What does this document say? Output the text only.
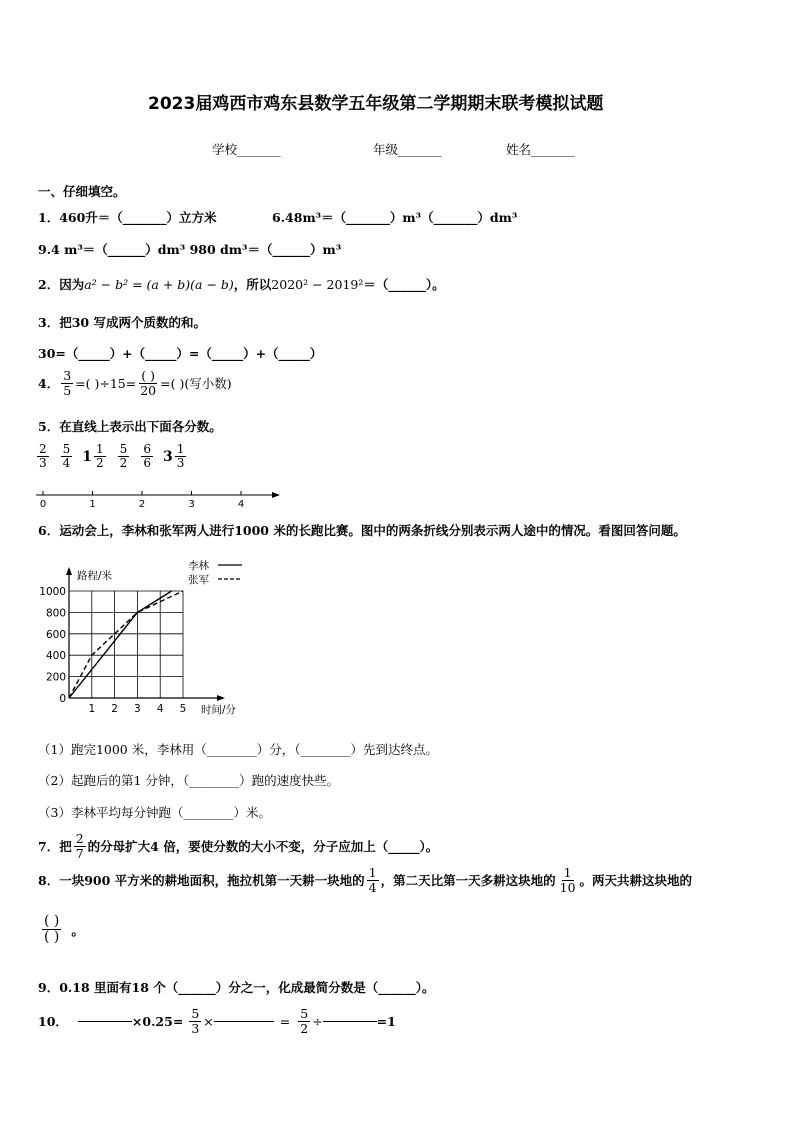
2023届鸡西市鸡东县数学五年级第二学期期末联考模拟试题
学校_______	年级_______	姓名_______
一、仔细填空。
1．460升＝（_______）立方米	6.48m³＝（_______）m³（_______）dm³
9.4 m³＝（______）dm³ 980 dm³＝（______）m³
2．因为a² − b² = (a + b)(a − b)，所以2020² − 2019²＝（______）。
3．把30 写成两个质数的和。
30=（_____）+（_____）=（_____）+（_____）
4． $\frac{3}{5}$ =( )$\div 15= \frac{( )}{20}$ =( )(写小数)
5．在直线上表示出下面各分数。
$\frac{2}{3} \frac{5}{4} 1 \frac{1}{2} \frac{5}{2} \frac{6}{6} 3 \frac{1}{3}$
0	1	2	3	4
6．运动会上，李林和张军两人进行1000 米的长跑比赛。图中的两条折线分别表示两人途中的情况。看图回答问题。
0
200
400
600
800
1000
1 2 3 4 5
路程/米
时间/分
李林
张军
（1）跑完1000 米，李林用（________）分，（________）先到达终点。
（2）起跑后的第1 分钟，（________）跑的速度快些。
（3）李林平均每分钟跑（________）米。
7．把 $\frac{2}{7}$ 的分母扩大4 倍，要使分数的大小不变，分子应加上（_____）。
8．一块900 平方米的耕地面积，拖拉机第一天耕一块地的 $\frac{1}{4}$ ，第二天比第一天多耕这块地的 $\frac{1}{10}$ 。两天共耕这块地的
$\frac{( )}{( )}$ 。
9．0.18 里面有18 个（______）分之一，化成最简分数是（______）。
10．	$\times 0.25= \frac{5}{3}$ ×	= $\frac{5}{2}$ ÷	=1
